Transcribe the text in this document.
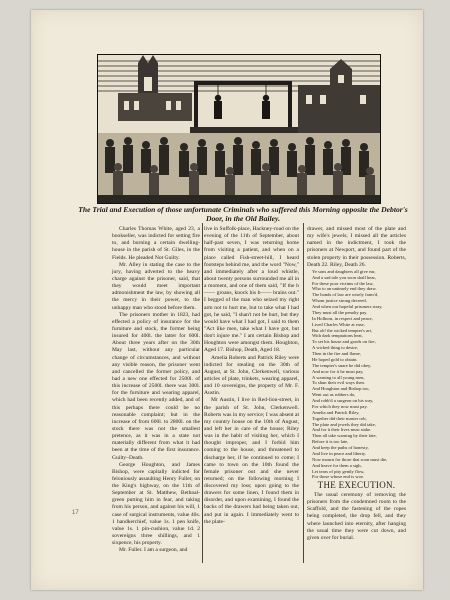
The Trial and Execution of those unfortunate Criminals who suffered this Morning opposite the Debtor's Door, in the Old Bailey.

Charles Thomas White, aged 23, a bookseller, was indicted for setting fire to, and burning a certain dwelling-house in the parish of St. Giles, in the Fields. He pleaded Not Guilty.

Mr. Alley in stating the case to the jury, having adverted to the heavy charge against the prisoner, said, that they would meet important admonishment the law, by showing all the mercy in their power, to the unhappy man who stood before them.

The prisoners mother in 1823, had effected a policy of insurance for the furniture and stock, the former being insured for 400l. the latter for 600l. About three years after on the 30th May last, without any particular change of circumstances, and without any visible reason, the prisoner went and cancelled the former policy, and had a new one effected for 2500l. of this increase of 2500l. there was 300l. for the furniture and wearing apparel, which had been recently added, and of this perhaps there could be no reasonable complaint; but in the increase of from 600l. to 2800l. on the stock there was not the smallest pretence, as it was in a state not materially different from what it had been at the time of the first insurance. Guilty–Death.

George Houghton, and James Bishop, were capitally indicted for feloniously assaulting Henry Fuller, on the King's highway, on the 11th of September at St. Matthew, Bethnal-green putting him in fear, and taking from his person, and against his will, 1 case of surgical instruments, value 40s. 1 handkerchief, value 1s. 1 pen knife, value 1s. 1 pin-cushion, value 1d. 2 sovereigns three shillings, and 1 sixpence, his property.

Mr. Fuller. I am a surgeon, and

live in Suffolk-place, Hackney-road on the evening of the 11th of September, about half-past seven, I was returning home from visiting a patient, and when on a place called Fish-street-hill, I heard footsteps behind me, and the word "Now," and immediately after a loud whistle, about twenty persons surrounded me all in a moment, and one of them said, "If the b—— groans, knock his b—— brains out." I begged of the man who seized my right arm not to hurt me, but to take what I had got, he said, "I shan't not be hurt, but they would have what I had got, I said to them "Act like men, take what I have got, but don't injure me." I am certain Bishop and Houghton were amongst them. Houghton, Aged 17. Bishop, Death, Aged 18.

Amelia Roberts and Patrick Riley were indicted for stealing on the 30th of August, at St. John, Clerkenwell, various articles of plate, trinkets, wearing apparel, and 10 sovereigns, the property of Mr. F. Austin.

Mr Austin, I live in Red-lion-street, in the parish of St. John, Clerkenwell. Roberts was in my service; I was absent at my country house on the 10th of August, and left her in care of the house; Riley was in the habit of visiting her, which I thought improper, and I forbid him coming to the house, and threatened to discharge her, if he continued to come; I came to town on the 10th found the female prisoner out and she never returned; on the following morning I discovered my loss; upon going to the drawers for some linen, I found them in disorder, and upon examining, I found the backs of the drawers had being taken out, and put in again. I immediately went to the plate-

drawer, and missed most of the plate and my wife's jewels; I missed all the articles named in the indictment, I took the prisoners at Newport, and found part of the stolen property in their possession. Roberts, Death 22. Riley, Death 26.

Ye sons and daughters all give ear,

And a sad tale you soon shall hear,

For these poor victims of the law,

Who to an untimely end they draw.

The bonds of law are wisely fram'd,

Whom justice strong decreed,

And when our hopeful prisoners stray,

They must all the penalty pay.

In Holborn, in respect and peace,

Lived Charles White at ease,

But oh! the wicked tempter's art,

With dark temptations beat,

To set his house and goods on fire,

A wicked thing to desire,

Then in the fire and flame,

He hoped gold to obtain.

The tempter's snare he did obey,

And now for it he must pay,

A warning to all young men,

To shun their evil ways then.

And Houghton and Bishop too,

Went out as robbers do,

And robb'd a surgeon on his way,

For which they now must pay.

Amelia and Patrick Riley,

Together did their master rob,

The plate and jewels they did take,

And for it their lives must stake.

Then all take warning by their fate,

Before it is too late,

And keep the paths of honesty,

And live in peace and liberty.

Now mourn for those that soon must die,

And heave for them a sigh,

Let tears of pity gently flow,

For those whose end is woe.

THE EXECUTION.

The usual ceremony of removing the prisoners from the condemned room to the Scaffold, and the fastening of the ropes being completed, the drop fell, and they where launched into eternity, after hanging the usual time they were cut down, and given over for burial.

17
